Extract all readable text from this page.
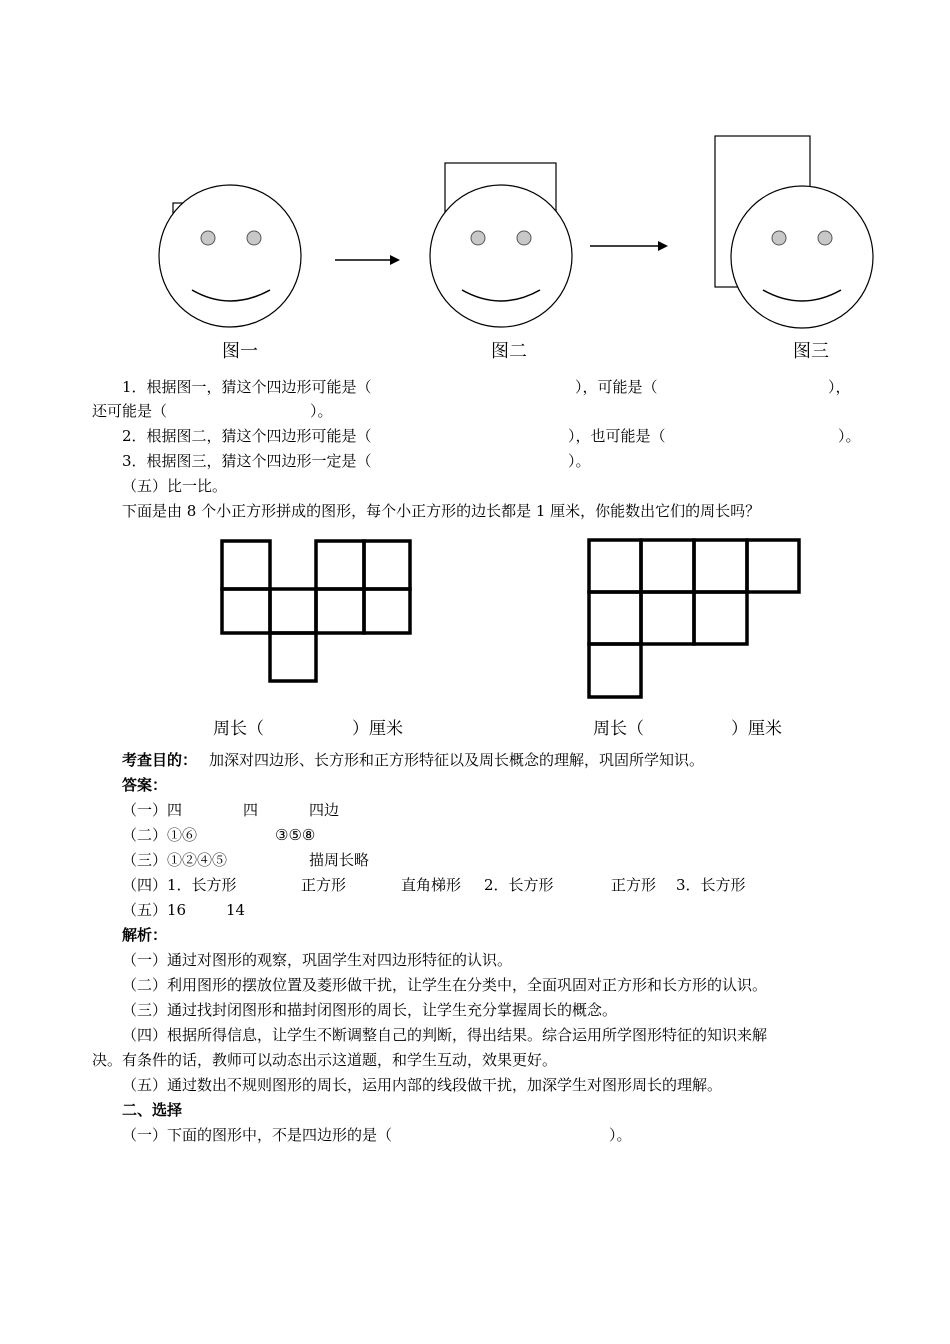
图一	图二	图三
1．根据图一，猜这个四边形可能是（	），可能是（	），
还可能是（	）。
2．根据图二，猜这个四边形可能是（	），也可能是（	）。
3．根据图三，猜这个四边形一定是（	）。
（五）比一比。
下面是由 8 个小正方形拼成的图形，每个小正方形的边长都是 1 厘米，你能数出它们的周长吗？
周长（	）厘米	周长（	）厘米
考查目的： 加深对四边形、长方形和正方形特征以及周长概念的理解，巩固所学知识。
答案：
（一）四	四	四边
（二）①⑥	③⑤⑧
（三）①②④⑤	描周长略
（四）1．长方形	正方形	直角梯形 2．长方形	正方形 3．长方形
（五）16	14
解析：
（一）通过对图形的观察，巩固学生对四边形特征的认识。
（二）利用图形的摆放位置及菱形做干扰，让学生在分类中，全面巩固对正方形和长方形的认识。
（三）通过找封闭图形和描封闭图形的周长，让学生充分掌握周长的概念。
（四）根据所得信息，让学生不断调整自己的判断，得出结果。综合运用所学图形特征的知识来解
决。有条件的话，教师可以动态出示这道题，和学生互动，效果更好。
（五）通过数出不规则图形的周长，运用内部的线段做干扰，加深学生对图形周长的理解。
二、选择
（一）下面的图形中，不是四边形的是（	）。
